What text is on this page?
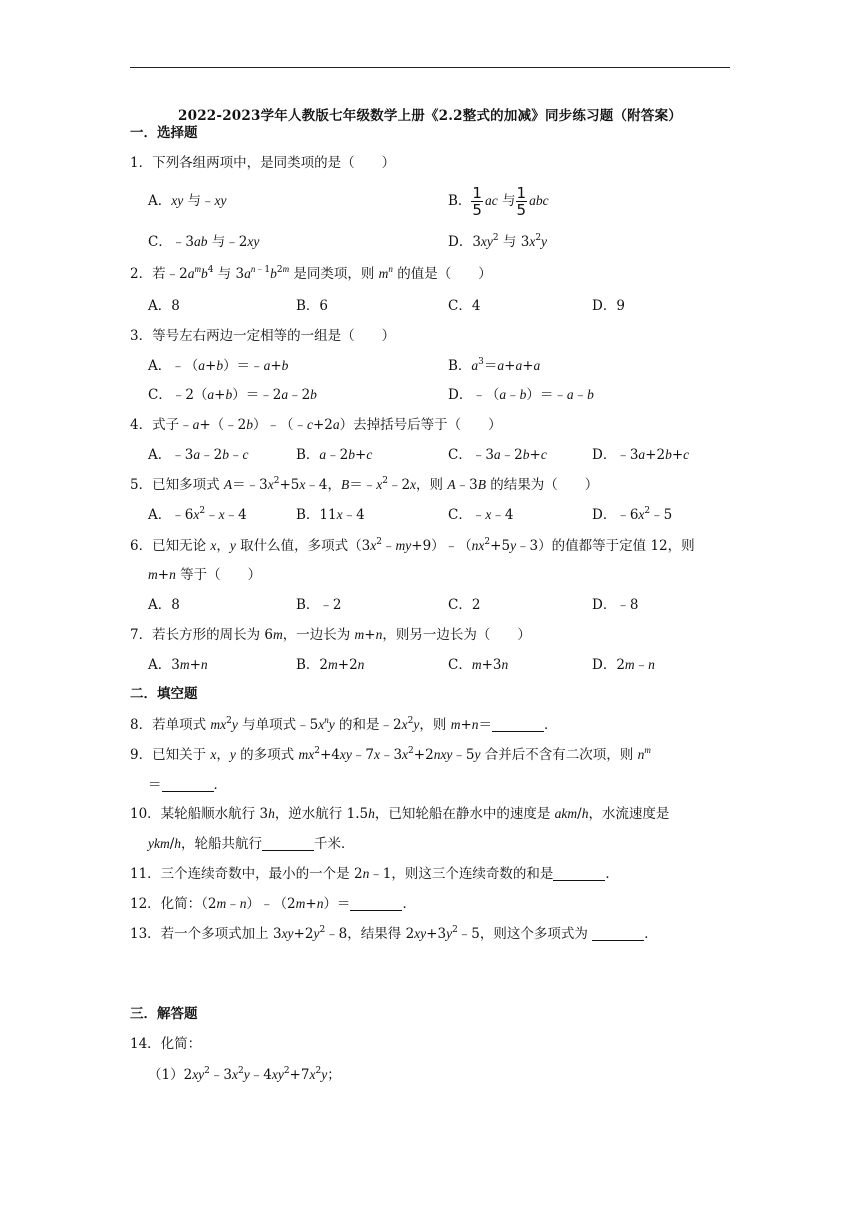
2022-2023学年人教版七年级数学上册《2.2整式的加减》同步练习题（附答案）
一．选择题
1．下列各组两项中，是同类项的是（　　）
A．xy 与﹣xy	B． $\frac{1}{5}$ ac 与 $\frac{1}{5}$ abc
C．﹣3ab 与﹣2xy	D．$3xy^2$ 与 $3x^2y$
2．若$﹣2a^mb^4$ 与 $3a^{n﹣1}b^{2m}$ 是同类项，则 $m^n$ 的值是（　　）
A．8	B．6	C．4	D．9
3．等号左右两边一定相等的一组是（　　）
A．﹣（a+b）＝﹣a+b	B．$a^3=a+a+a$
C．﹣2（a+b）＝﹣2a﹣2b	D．﹣（a﹣b）＝﹣a﹣b
4．式子﹣a+（﹣2b）﹣（﹣c+2a）去掉括号后等于（　　）
A．﹣3a﹣2b﹣c	B．a﹣2b+c	C．﹣3a﹣2b+c	D．﹣3a+2b+c
5．已知多项式 $A=﹣3x^2+5x﹣4$，$B=﹣x^2﹣2x$，则 A﹣3B 的结果为（　　）
A．$﹣6x^2﹣x﹣4$	B．11x﹣4	C．﹣x﹣4	D．$﹣6x^2﹣5$
6．已知无论 x，y 取什么值，多项式$(3x^2﹣my+9)﹣(nx^2+5y﹣3)$的值都等于定值 12，则
m+n 等于（　　）
A．8	B．﹣2	C．2	D．﹣8
7．若长方形的周长为 6m，一边长为 m+n，则另一边长为（　　）
A．3m+n	B．2m+2n	C．m+3n	D．2m﹣n
二．填空题
8．若单项式 $mx^2y$ 与单项式$﹣5x^ny$ 的和是$﹣2x^2y$，则 m+n＝	．
9．已知关于 x，y 的多项式 $mx^2+4xy﹣7x﹣3x^2+2nxy﹣5y$ 合并后不含有二次项，则 $n^m$
＝	．
10．某轮船顺水航行 3h，逆水航行 1.5h，已知轮船在静水中的速度是 akm/h，水流速度是
ykm/h，轮船共航行	千米．
11．三个连续奇数中，最小的一个是 2n﹣1，则这三个连续奇数的和是	．
12．化简：（2m﹣n）﹣（2m+n）＝	．
13．若一个多项式加上 $3xy+2y^2﹣8$，结果得 $2xy+3y^2﹣5$，则这个多项式为	．
三．解答题
14．化简：
$(1)2xy^2﹣3x^2y﹣4xy^2+7x^2y$；
